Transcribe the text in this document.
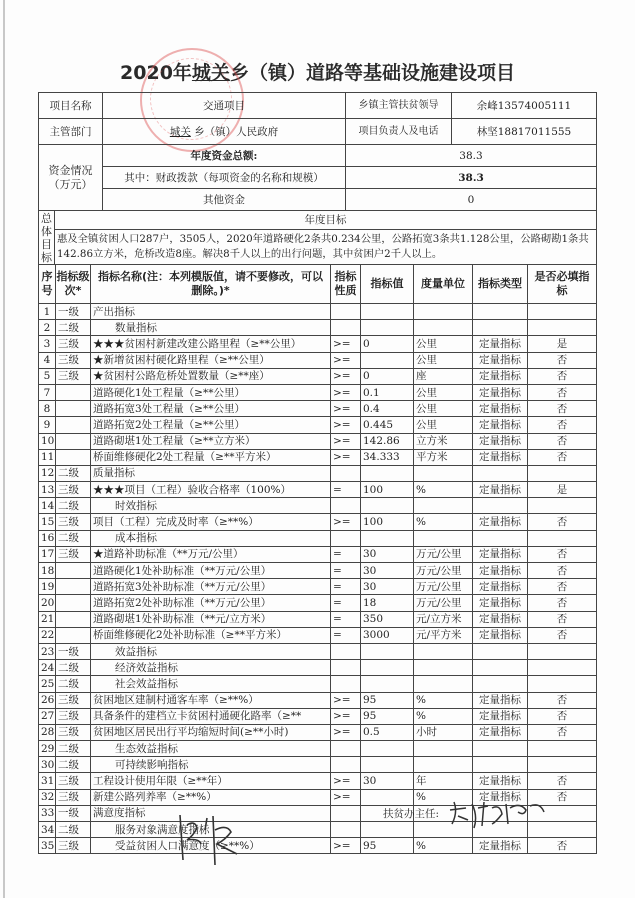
2020年城关乡（镇）道路等基础设施建设项目
项目名称	交通项目	乡镇主管扶贫领导	余峰13574005111
主管部门	城关 乡（镇）人民政府	项目负责人及电话	林坚18817011555
资金情况（万元）	年度资金总额:	38.3	
	其中：财政拨款（每项资金的名称和规模）	38.3	
	其他资金	0	
总体目标	年度目标
惠及全镇贫困人口287户，3505人，2020年道路硬化2条共0.234公里，公路拓宽3条共1.128公里，公路砌勘1条共142.86立方米，危桥改造8座。解决8千人以上的出行问题，其中贫困户2千人以上。
序号	指标级次*	指标名称(注：本列模版值，请不要修改，可以删除。)*	指标性质	指标值	度量单位	指标类型	是否必填指标
1	一级	产出指标					
2	二级	数量指标					
3	三级	★★★贫困村新建改建公路里程（≥**公里）	>=	0	公里	定量指标	是
4	三级	★新增贫困村硬化路里程（≥**公里）	>=		公里	定量指标	否
5	三级	★贫困村公路危桥处置数量（≥**座）	>=	0	座	定量指标	否
7		道路硬化1处工程量（≥**公里）	>=	0.1	公里	定量指标	否
8		道路拓宽3处工程量（≥**公里）	>=	0.4	公里	定量指标	否
9		道路拓宽2处工程量（≥**公里）	>=	0.445	公里	定量指标	否
10		道路砌堪1处工程量（≥**立方米）	>=	142.86	立方米	定量指标	否
11		桥面维修硬化2处工程量（≥**平方米）	>=	34.333	平方米	定量指标	否
12	二级	质量指标					
13	三级	★★★项目（工程）验收合格率（100%）	=	100	%	定量指标	是
14	二级	时效指标					
15	三级	项目（工程）完成及时率（≥**%）	>=	100	%	定量指标	否
16	二级	成本指标					
17	三级	★道路补助标准（**万元/公里）	=	30	万元/公里	定量指标	否
18		道路硬化1处补助标准（**万元/公里）	=	30	万元/公里	定量指标	否
19		道路拓宽3处补助标准（**万元/公里）	=	30	万元/公里	定量指标	否
20		道路拓宽2处补助标准（**万元/公里）	=	18	万元/公里	定量指标	否
21		道路砌堪1处补助标准（**元/立方米）	=	350	元/立方米	定量指标	否
22		桥面维修硬化2处补助标准（≥**平方米）	=	3000	元/平方米	定量指标	否
23	一级	效益指标					
24	二级	经济效益指标					
25	二级	社会效益指标					
26	三级	贫困地区建制村通客车率（≥**%）	>=	95	%	定量指标	否
27	三级	具备条件的建档立卡贫困村通硬化路率（≥**	>=	95	%	定量指标	否
28	三级	贫困地区居民出行平均缩短时间(≥**小时)	>=	0.5	小时	定量指标	否
29	二级	生态效益指标					
30	二级	可持续影响指标					
31	三级	工程设计使用年限（≥**年）	>=	30	年	定量指标	否
32	三级	新建公路列养率（≥**%）	>=		%	定量指标	否
33	一级	满意度指标					
34	二级	服务对象满意度指标					
35	三级	受益贫困人口满意度（≥**%）	>=	95	%	定量指标	否
扶贫办主任:
